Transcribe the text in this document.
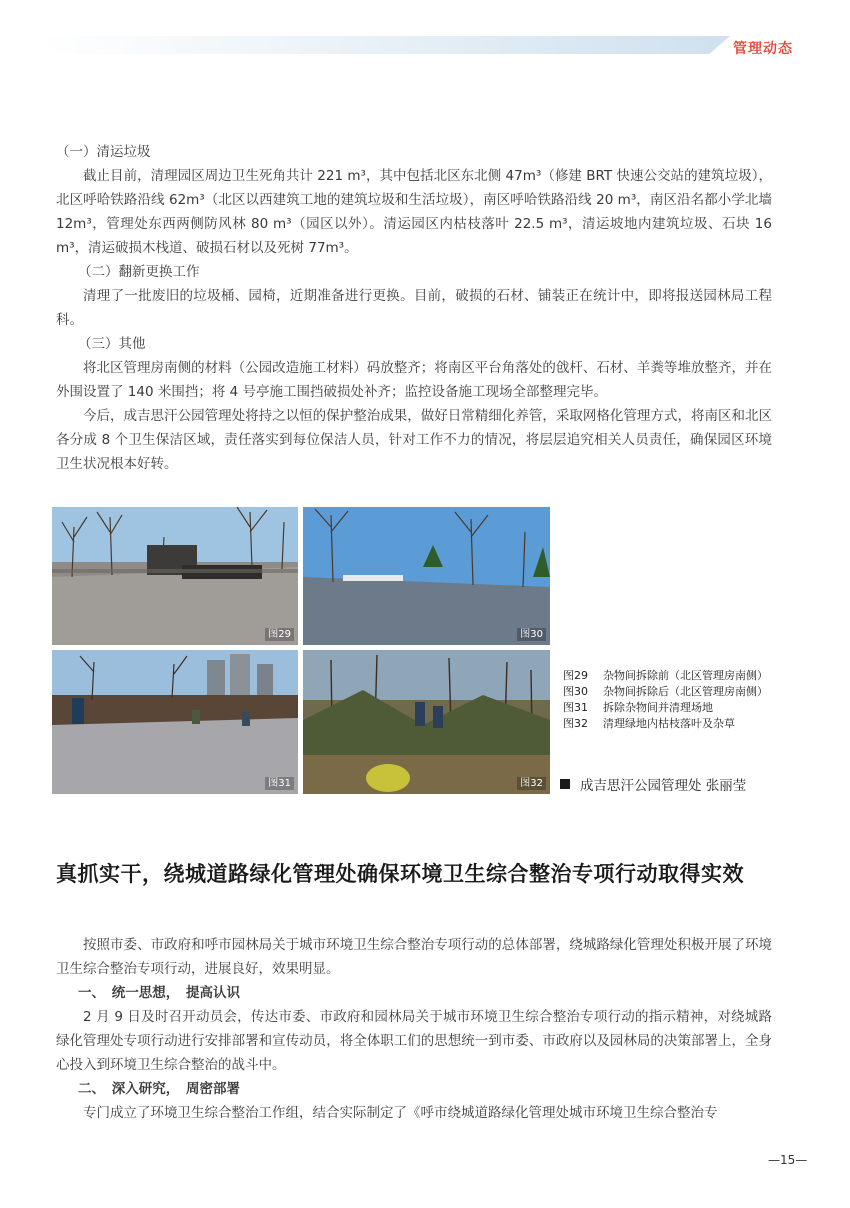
管理动态

（一）清运垃圾

截止目前，清理园区周边卫生死角共计 221 m³，其中包括北区东北侧 47m³（修建 BRT 快速公交站的建筑垃圾），北区呼哈铁路沿线 62m³（北区以西建筑工地的建筑垃圾和生活垃圾），南区呼哈铁路沿线 20 m³，南区沿名都小学北墙 12m³，管理处东西两侧防风林 80 m³（园区以外）。清运园区内枯枝落叶 22.5 m³，清运坡地内建筑垃圾、石块 16 m³，清运破损木栈道、破损石材以及死树 77m³。

（二）翻新更换工作

清理了一批废旧的垃圾桶、园椅，近期准备进行更换。目前，破损的石材、铺装正在统计中，即将报送园林局工程科。

（三）其他

将北区管理房南侧的材料（公园改造施工材料）码放整齐；将南区平台角落处的戗杆、石材、羊粪等堆放整齐，并在外围设置了 140 米围挡；将 4 号亭施工围挡破损处补齐；监控设备施工现场全部整理完毕。

今后，成吉思汗公园管理处将持之以恒的保护整治成果，做好日常精细化养管，采取网格化管理方式，将南区和北区各分成 8 个卫生保洁区域，责任落实到每位保洁人员，针对工作不力的情况，将层层追究相关人员责任，确保园区环境卫生状况根本好转。

图29	图30
图31	图32
图29	杂物间拆除前（北区管理房南侧）
图30	杂物间拆除后（北区管理房南侧）
图31	拆除杂物间并清理场地
图32	清理绿地内枯枝落叶及杂草
成吉思汗公园管理处 张丽莹
真抓实干，绕城道路绿化管理处确保环境卫生综合整治专项行动取得实效

按照市委、市政府和呼市园林局关于城市环境卫生综合整治专项行动的总体部署，绕城路绿化管理处积极开展了环境卫生综合整治专项行动，进展良好，效果明显。

一、　统一思想，　提高认识

2 月 9 日及时召开动员会，传达市委、市政府和园林局关于城市环境卫生综合整治专项行动的指示精神，对绕城路绿化管理处专项行动进行安排部署和宣传动员，将全体职工们的思想统一到市委、市政府以及园林局的决策部署上，全身心投入到环境卫生综合整治的战斗中。

二、　深入研究，　周密部署

专门成立了环境卫生综合整治工作组，结合实际制定了《呼市绕城道路绿化管理处城市环境卫生综合整治专

—15—
